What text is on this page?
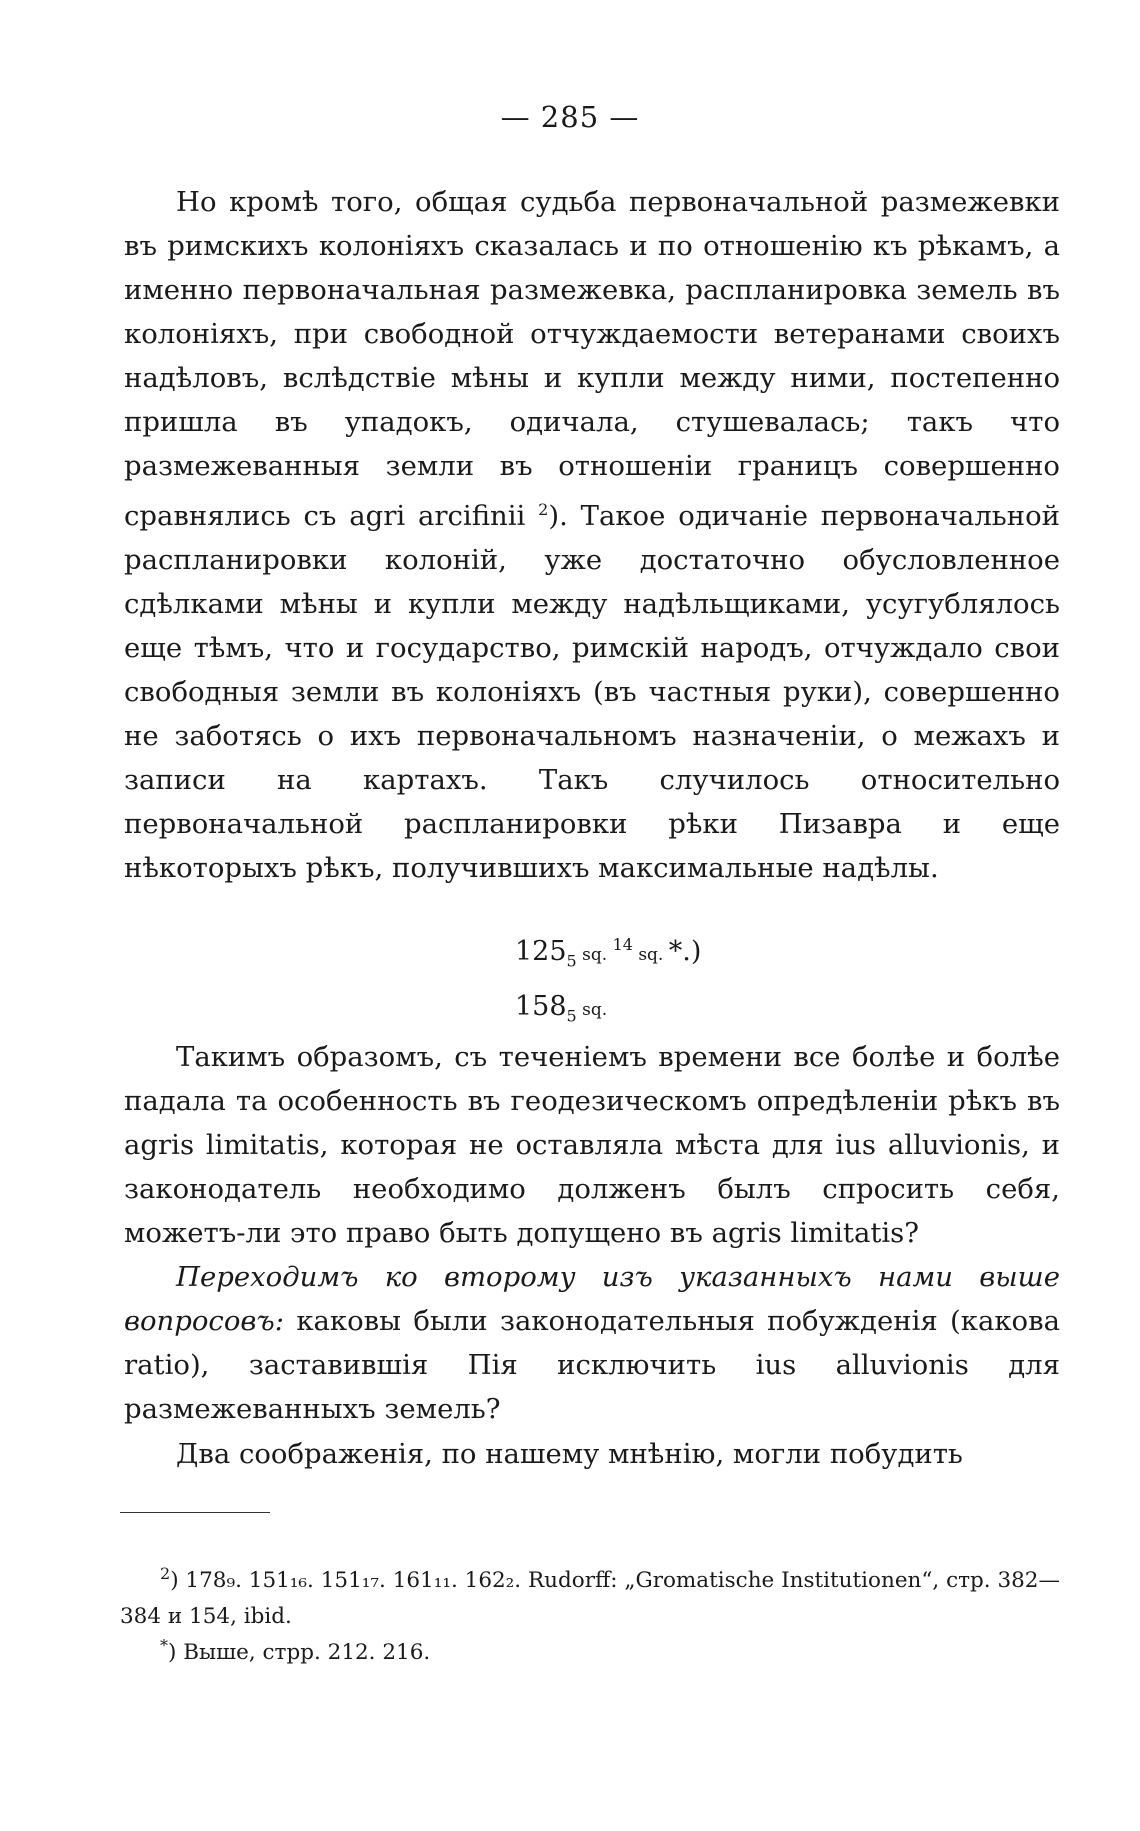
— 285 —

Но кромѣ того, общая судьба первоначальной размежевки въ римскихъ колоніяхъ сказалась и по отношенію къ рѣкамъ, а именно первоначальная размежевка, распланировка земель въ колоніяхъ, при свободной отчуждаемости ветеранами своихъ надѣловъ, вслѣдствіе мѣны и купли между ними, постепенно пришла въ упадокъ, одичала, стушевалась; такъ что размежеванныя земли въ отношеніи границъ совершенно сравнялись съ agri arcifinii $^2$). Такое одичаніе первоначальной распланировки колоній, уже достаточно обусловленное сдѣлками мѣны и купли между надѣльщиками, усугублялось еще тѣмъ, что и государство, римскій народъ, отчуждало свои свободныя земли въ колоніяхъ (въ частныя руки), совершенно не заботясь о ихъ первоначальномъ назначеніи, о межахъ и записи на картахъ. Такъ случилось относительно первоначальной распланировки рѣки Пизавра и еще нѣкоторыхъ рѣкъ, получившихъ максимальные надѣлы.

$125_5$ sq. $^{14}$ sq. *.)
$158_5$ sq.

Такимъ образомъ, съ теченіемъ времени все болѣе и болѣе падала та особенность въ геодезическомъ опредѣленіи рѣкъ въ agris limitatis, которая не оставляла мѣста для ius alluvionis, и законодатель необходимо долженъ былъ спросить себя, можетъ-ли это право быть допущено въ agris limitatis?

Переходимъ ко второму изъ указанныхъ нами выше вопросовъ: каковы были законодательныя побужденія (какова ratio), заставившія Пія исключить ius alluvionis для размежеванныхъ земель?

Два соображенія, по нашему мнѣнію, могли побудить

$^2$) 178₉. 151₁₆. 151₁₇. 161₁₁. 162₂. Rudorff: „Gromatische Institutionen“, стр. 382—384 и 154, ibid.

*) Выше, стрр. 212. 216.
